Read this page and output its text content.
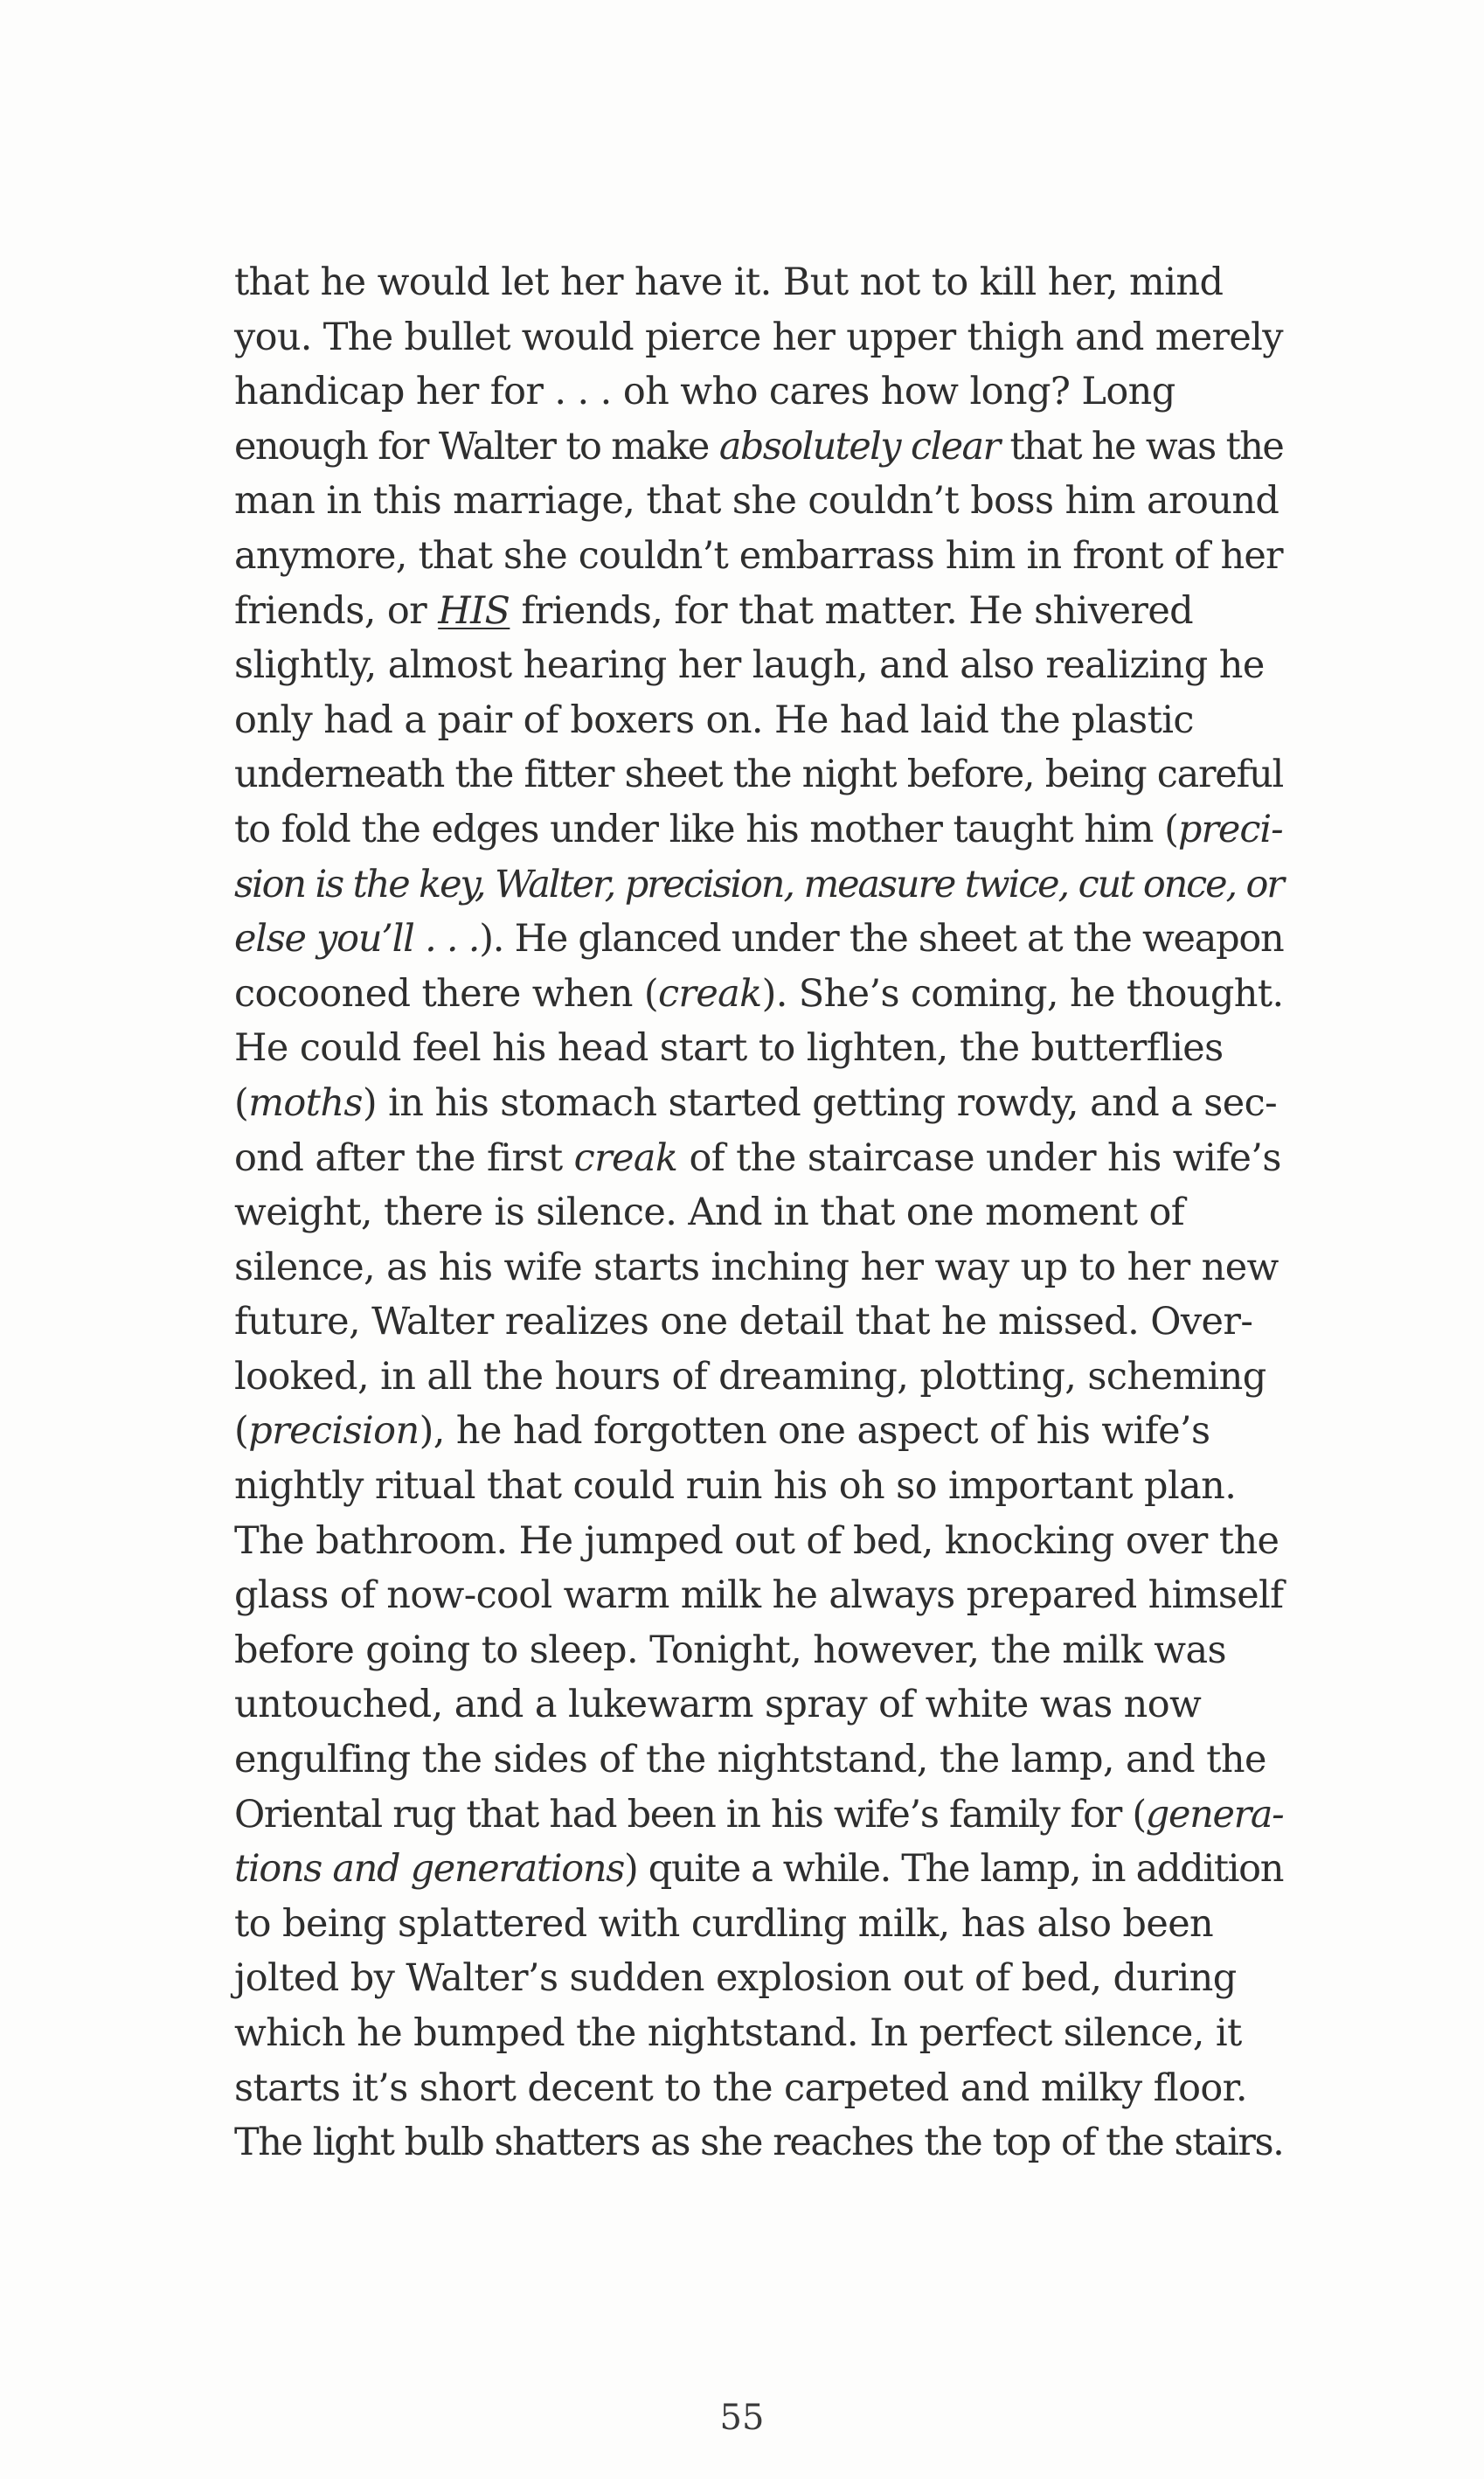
that he would let her have it. But not to kill her, mind
you. The bullet would pierce her upper thigh and merely
handicap her for . . . oh who cares how long? Long
enough for Walter to make absolutely clear that he was the
man in this marriage, that she couldn’t boss him around
anymore, that she couldn’t embarrass him in front of her
friends, or HIS friends, for that matter. He shivered
slightly, almost hearing her laugh, and also realizing he
only had a pair of boxers on. He had laid the plastic
underneath the fitter sheet the night before, being careful
to fold the edges under like his mother taught him (preci-
sion is the key, Walter, precision, measure twice, cut once, or
else you’ll . . .). He glanced under the sheet at the weapon
cocooned there when (creak). She’s coming, he thought.
He could feel his head start to lighten, the butterflies
(moths) in his stomach started getting rowdy, and a sec-
ond after the first creak of the staircase under his wife’s
weight, there is silence. And in that one moment of
silence, as his wife starts inching her way up to her new
future, Walter realizes one detail that he missed. Over-
looked, in all the hours of dreaming, plotting, scheming
(precision), he had forgotten one aspect of his wife’s
nightly ritual that could ruin his oh so important plan.
The bathroom. He jumped out of bed, knocking over the
glass of now-cool warm milk he always prepared himself
before going to sleep. Tonight, however, the milk was
untouched, and a lukewarm spray of white was now
engulfing the sides of the nightstand, the lamp, and the
Oriental rug that had been in his wife’s family for (genera-
tions and generations) quite a while. The lamp, in addition
to being splattered with curdling milk, has also been
jolted by Walter’s sudden explosion out of bed, during
which he bumped the nightstand. In perfect silence, it
starts it’s short decent to the carpeted and milky floor.
The light bulb shatters as she reaches the top of the stairs.

55
